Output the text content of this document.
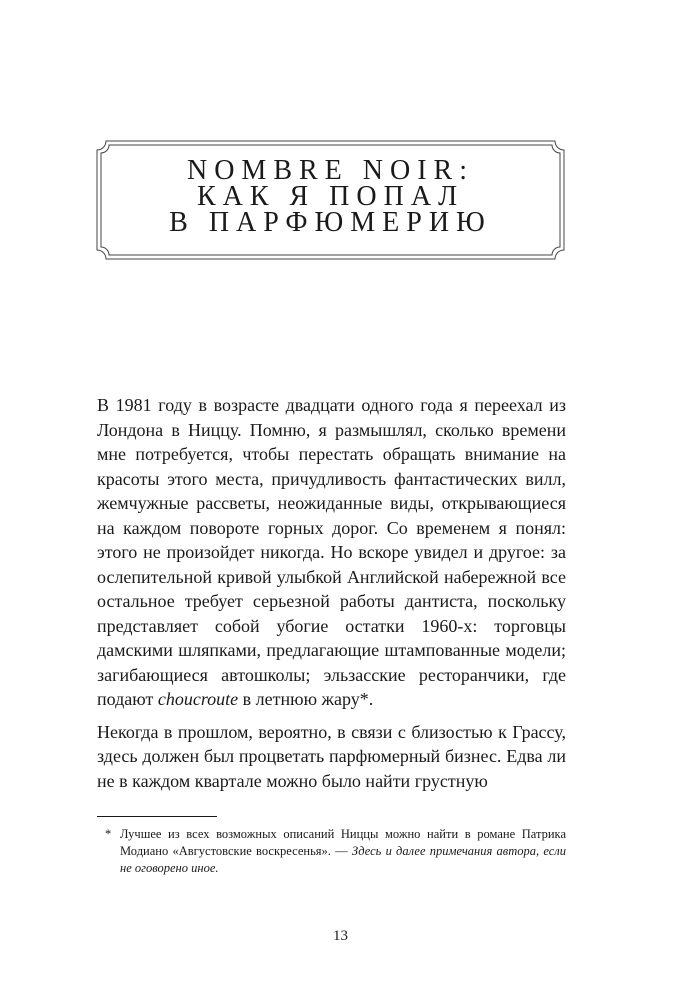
NOMBRE NOIR:
КАК Я ПОПАЛ
В ПАРФЮМЕРИЮ

В 1981 году в возрасте двадцати одного года я переехал из Лондона в Ниццу. Помню, я размышлял, сколько времени мне потребуется, чтобы перестать обращать внимание на красоты этого места, причудливость фантастических вилл, жемчужные рассветы, неожиданные виды, открывающиеся на каждом повороте горных дорог. Со временем я понял: этого не произойдет никогда. Но вскоре увидел и другое: за ослепительной кривой улыбкой Английской набережной все остальное требует серьезной работы дантиста, поскольку представляет собой убогие остатки 1960-х: торговцы дамскими шляпками, предлагающие штампованные модели; загибающиеся автошколы; эльзасские ресторанчики, где подают choucroute в летнюю жару*.

Некогда в прошлом, вероятно, в связи с близостью к Грассу, здесь должен был процветать парфюмерный бизнес. Едва ли не в каждом квартале можно было найти грустную

* Лучшее из всех возможных описаний Ниццы можно найти в романе Патрика Модиано «Августовские воскресенья». — Здесь и далее примечания автора, если не оговорено иное.
13
